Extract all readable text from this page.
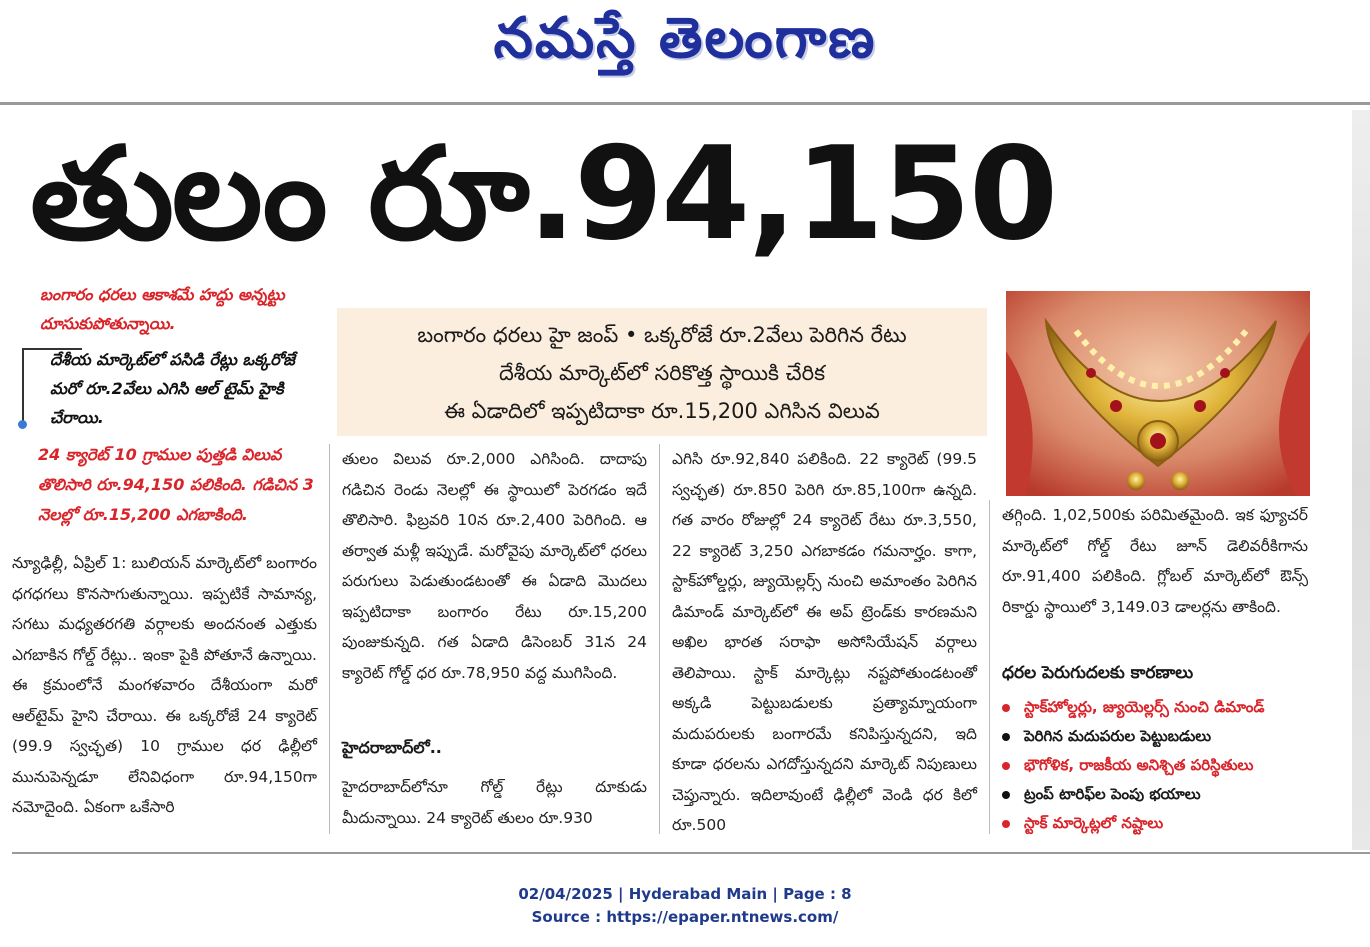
నమస్తే తెలంగాణ
తులం రూ.94,150
బంగారం ధరలు ఆకాశమే హద్దు అన్నట్టు దూసుకుపోతున్నాయి.
దేశీయ మార్కెట్‌లో పసిడి రేట్లు ఒక్కరోజే మరో రూ.2వేలు ఎగిసి ఆల్ టైమ్ హైకి చేరాయి.
24 క్యారెట్ 10 గ్రాముల పుత్తడి విలువ తొలిసారి రూ.94,150 పలికింది. గడిచిన 3 నెలల్లో రూ.15,200 ఎగబాకింది.
బంగారం ధరలు హై జంప్ • ఒక్కరోజే రూ.2వేలు పెరిగిన రేటు
దేశీయ మార్కెట్‌లో సరికొత్త స్థాయికి చేరిక
ఈ ఏడాదిలో ఇప్పటిదాకా రూ.15,200 ఎగిసిన విలువ
న్యూఢిల్లీ, ఏప్రిల్ 1: బులియన్ మార్కెట్‌లో బంగారం ధగధగలు కొనసాగుతున్నాయి. ఇప్పటికే సామాన్య, సగటు మధ్యతరగతి వర్గాలకు అందనంత ఎత్తుకు ఎగబాకిన గోల్డ్ రేట్లు.. ఇంకా పైకి పోతూనే ఉన్నాయి. ఈ క్రమంలోనే మంగళవారం దేశీయంగా మరో ఆల్‌టైమ్ హైని చేరాయి. ఈ ఒక్కరోజే 24 క్యారెట్ (99.9 స్వచ్ఛత) 10 గ్రాముల ధర ఢిల్లీలో మునుపెన్నడూ లేనివిధంగా రూ.94,150గా నమోదైంది. ఏకంగా ఒకేసారి
తులం విలువ రూ.2,000 ఎగిసింది. దాదాపు గడిచిన రెండు నెలల్లో ఈ స్థాయిలో పెరగడం ఇదే తొలిసారి. ఫిబ్రవరి 10న రూ.2,400 పెరిగింది. ఆ తర్వాత మళ్లీ ఇప్పుడే. మరోవైపు మార్కెట్‌లో ధరలు పరుగులు పెడుతుండటంతో ఈ ఏడాది మొదలు ఇప్పటిదాకా బంగారం రేటు రూ.15,200 పుంజుకున్నది. గత ఏడాది డిసెంబర్ 31న 24 క్యారెట్ గోల్డ్ ధర రూ.78,950 వద్ద ముగిసింది.
హైదరాబాద్‌లో..
హైదరాబాద్‌లోనూ గోల్డ్ రేట్లు దూకుడు మీదున్నాయి. 24 క్యారెట్ తులం రూ.930
ఎగిసి రూ.92,840 పలికింది. 22 క్యారెట్ (99.5 స్వచ్ఛత) రూ.850 పెరిగి రూ.85,100గా ఉన్నది. గత వారం రోజుల్లో 24 క్యారెట్ రేటు రూ.3,550, 22 క్యారెట్ 3,250 ఎగబాకడం గమనార్హం. కాగా, స్టాక్‌హోల్డర్లు, జ్యుయెల్లర్స్ నుంచి అమాంతం పెరిగిన డిమాండ్ మార్కెట్‌లో ఈ అప్ ట్రెండ్‌కు కారణమని అఖిల భారత సరాఫా అసోసియేషన్ వర్గాలు తెలిపాయి. స్టాక్ మార్కెట్లు నష్టపోతుండటంతో అక్కడి పెట్టుబడులకు ప్రత్యామ్నాయంగా మదుపరులకు బంగారమే కనిపిస్తున్నదని, ఇది కూడా ధరలను ఎగదోస్తున్నదని మార్కెట్ నిపుణులు చెప్తున్నారు. ఇదిలావుంటే ఢిల్లీలో వెండి ధర కిలో రూ.500
తగ్గింది. 1,02,500కు పరిమితమైంది. ఇక ఫ్యూచర్ మార్కెట్‌లో గోల్డ్ రేటు జూన్ డెలివరీకిగాను రూ.91,400 పలికింది. గ్లోబల్ మార్కెట్‌లో ఔన్స్ రికార్డు స్థాయిలో 3,149.03 డాలర్లను తాకింది.
ధరల పెరుగుదలకు కారణాలు
స్టాక్‌హోల్డర్లు, జ్యుయెల్లర్స్ నుంచి డిమాండ్
పెరిగిన మదుపరుల పెట్టుబడులు
భౌగోళిక, రాజకీయ అనిశ్చిత పరిస్థితులు
ట్రంప్ టారిఫ్‌ల పెంపు భయాలు
స్టాక్ మార్కెట్లలో నష్టాలు
02/04/2025 | Hyderabad Main | Page : 8
Source : https://epaper.ntnews.com/
